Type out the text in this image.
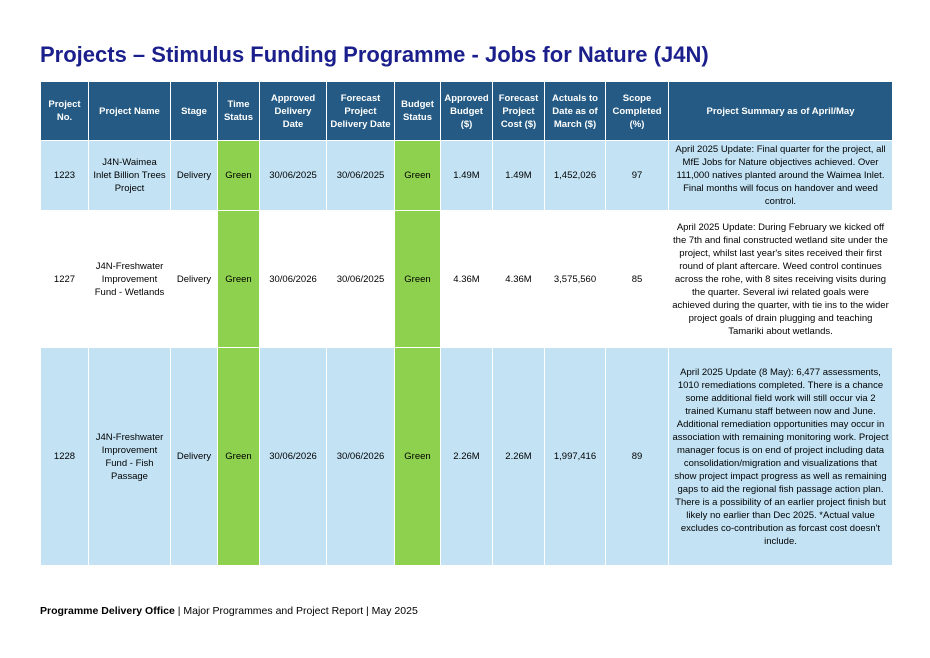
Projects – Stimulus Funding Programme - Jobs for Nature (J4N)
Project No.	Project Name	Stage	Time Status	Approved Delivery Date	Forecast Project Delivery Date	Budget Status	Approved Budget ($)	Forecast Project Cost ($)	Actuals to Date as of March ($)	Scope Completed (%)	Project Summary as of April/May
1223	J4N-Waimea Inlet Billion Trees Project	Delivery	Green	30/06/2025	30/06/2025	Green	1.49M	1.49M	1,452,026	97	April 2025 Update: Final quarter for the project, all MfE Jobs for Nature objectives achieved. Over 111,000 natives planted around the Waimea Inlet. Final months will focus on handover and weed control.
1227	J4N-Freshwater Improvement Fund - Wetlands	Delivery	Green	30/06/2026	30/06/2025	Green	4.36M	4.36M	3,575,560	85	April 2025 Update: During February we kicked off the 7th and final constructed wetland site under the project, whilst last year's sites received their first round of plant aftercare. Weed control continues across the rohe, with 8 sites receiving visits during the quarter. Several iwi related goals were achieved during the quarter, with tie ins to the wider project goals of drain plugging and teaching Tamariki about wetlands.
1228	J4N-Freshwater Improvement Fund - Fish Passage	Delivery	Green	30/06/2026	30/06/2026	Green	2.26M	2.26M	1,997,416	89	April 2025 Update (8 May): 6,477 assessments, 1010 remediations completed. There is a chance some additional field work will still occur via 2 trained Kumanu staff between now and June. Additional remediation opportunities may occur in association with remaining monitoring work. Project manager focus is on end of project including data consolidation/migration and visualizations that show project impact progress as well as remaining gaps to aid the regional fish passage action plan. There is a possibility of an earlier project finish but likely no earlier than Dec 2025. *Actual value excludes co-contribution as forcast cost doesn't include.
Programme Delivery Office | Major Programmes and Project Report | May 2025
